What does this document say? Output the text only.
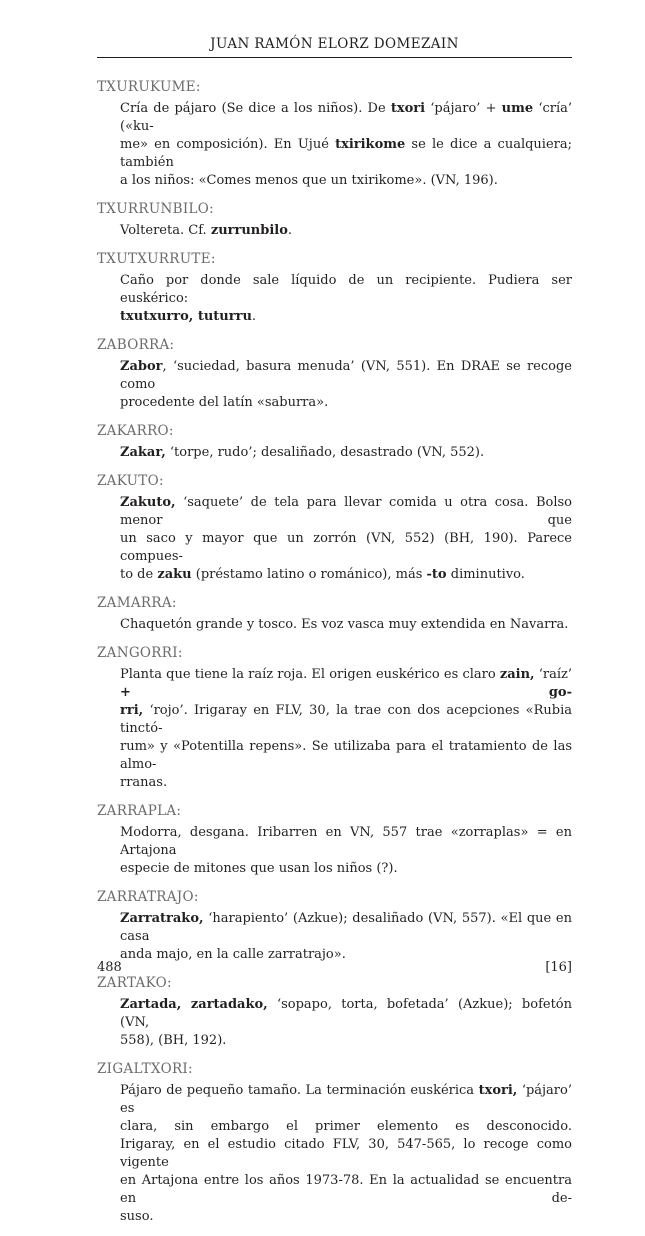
JUAN RAMÓN ELORZ DOMEZAIN
TXURUKUME:
Cría de pájaro (Se dice a los niños). De txori ‘pájaro’ + ume ‘cría’ («ku-
me» en composición). En Ujué txirikome se le dice a cualquiera; también
a los niños: «Comes menos que un txirikome». (VN, 196).
TXURRUNBILO:
Voltereta. Cf. zurrunbilo.
TXUTXURRUTE:
Caño por donde sale líquido de un recipiente. Pudiera ser euskérico:
txutxurro, tuturru.
ZABORRA:
Zabor, ‘suciedad, basura menuda’ (VN, 551). En DRAE se recoge como
procedente del latín «saburra».
ZAKARRO:
Zakar, ‘torpe, rudo’; desaliñado, desastrado (VN, 552).
ZAKUTO:
Zakuto, ‘saquete’ de tela para llevar comida u otra cosa. Bolso menor que
un saco y mayor que un zorrón (VN, 552) (BH, 190). Parece compues-
to de zaku (préstamo latino o románico), más -to diminutivo.
ZAMARRA:
Chaquetón grande y tosco. Es voz vasca muy extendida en Navarra.
ZANGORRI:
Planta que tiene la raíz roja. El origen euskérico es claro zain, ‘raíz’ + go-
rri, ‘rojo’. Irigaray en FLV, 30, la trae con dos acepciones «Rubia tinctó-
rum» y «Potentilla repens». Se utilizaba para el tratamiento de las almo-
rranas.
ZARRAPLA:
Modorra, desgana. Iribarren en VN, 557 trae «zorraplas» = en Artajona
especie de mitones que usan los niños (?).
ZARRATRAJO:
Zarratrako, ‘harapiento’ (Azkue); desaliñado (VN, 557). «El que en casa
anda majo, en la calle zarratrajo».
ZARTAKO:
Zartada, zartadako, ‘sopapo, torta, bofetada’ (Azkue); bofetón (VN,
558), (BH, 192).
ZIGALTXORI:
Pájaro de pequeño tamaño. La terminación euskérica txori, ‘pájaro’ es
clara, sin embargo el primer elemento es desconocido.
Irigaray, en el estudio citado FLV, 30, 547-565, lo recoge como vigente
en Artajona entre los años 1973-78. En la actualidad se encuentra en de-
suso.
488	[16]
